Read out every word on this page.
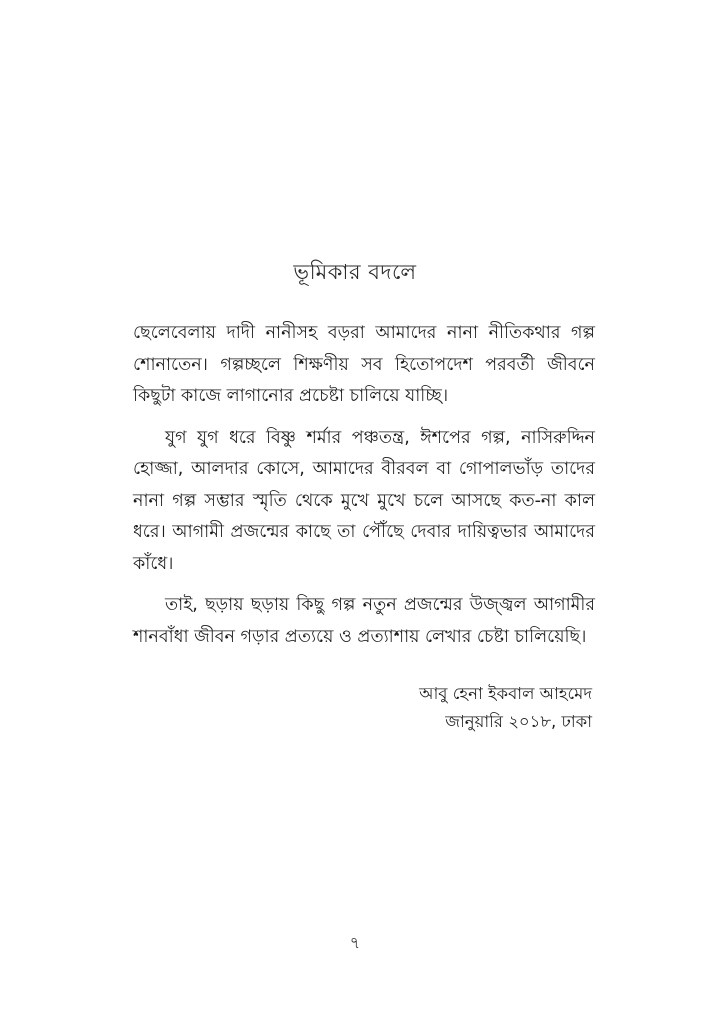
ভূমিকার বদলে

ছেলেবেলায় দাদী নানীসহ বড়রা আমাদের নানা নীতিকথার গল্প শোনাতেন। গল্পচ্ছলে শিক্ষণীয় সব হিতোপদেশ পরবর্তী জীবনে কিছুটা কাজে লাগানোর প্রচেষ্টা চালিয়ে যাচ্ছি।

যুগ যুগ ধরে বিষ্ণু শর্মার পঞ্চতন্ত্র, ঈশপের গল্প, নাসিরুদ্দিন হোজ্জা, আলদার কোসে, আমাদের বীরবল বা গোপালভাঁড় তাদের নানা গল্প সম্ভার স্মৃতি থেকে মুখে মুখে চলে আসছে কত-না কাল ধরে। আগামী প্রজন্মের কাছে তা পৌঁছে দেবার দায়িত্বভার আমাদের কাঁধে।

তাই, ছড়ায় ছড়ায় কিছু গল্প নতুন প্রজন্মের উজ্জ্বল আগামীর শানবাঁধা জীবন গড়ার প্রত্যয়ে ও প্রত্যাশায় লেখার চেষ্টা চালিয়েছি।

আবু হেনা ইকবাল আহমেদ
জানুয়ারি ২০১৮, ঢাকা
৭
